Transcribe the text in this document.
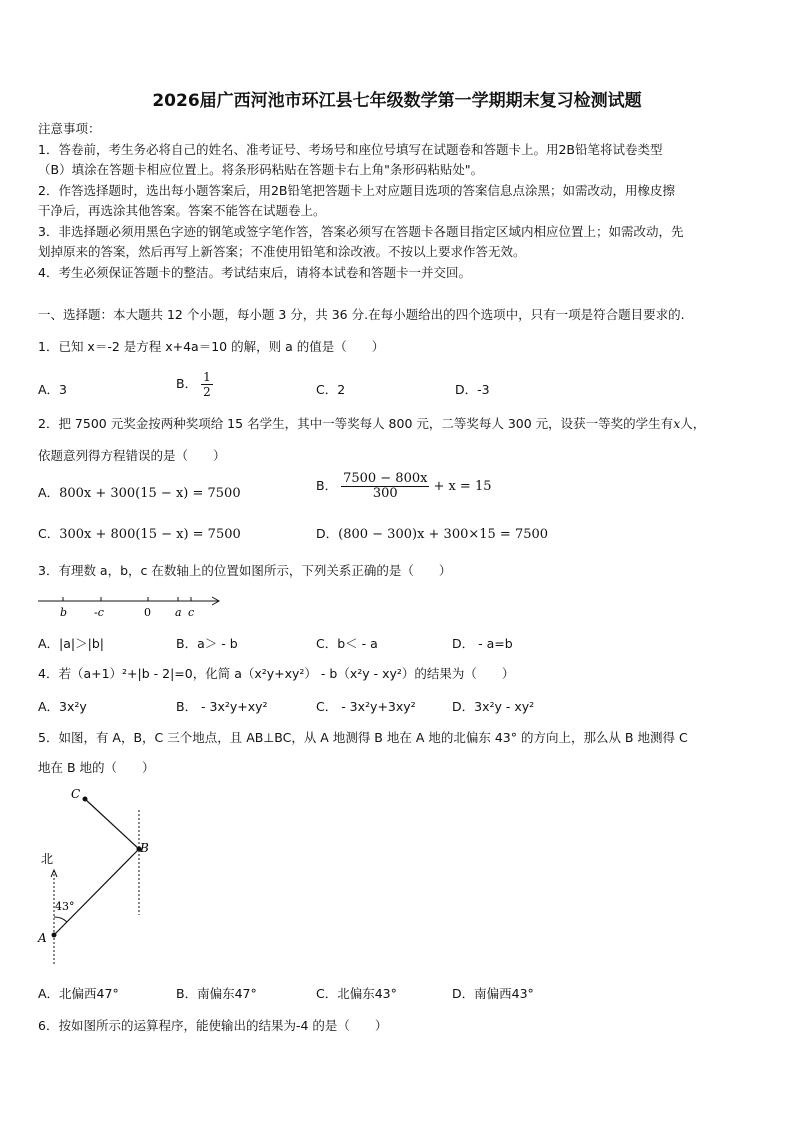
2026届广西河池市环江县七年级数学第一学期期末复习检测试题
注意事项：
1．答卷前，考生务必将自己的姓名、准考证号、考场号和座位号填写在试题卷和答题卡上。用2B铅笔将试卷类型
（B）填涂在答题卡相应位置上。将条形码粘贴在答题卡右上角"条形码粘贴处"。
2．作答选择题时，选出每小题答案后，用2B铅笔把答题卡上对应题目选项的答案信息点涂黑；如需改动，用橡皮擦
干净后，再选涂其他答案。答案不能答在试题卷上。
3．非选择题必须用黑色字迹的钢笔或签字笔作答，答案必须写在答题卡各题目指定区域内相应位置上；如需改动，先
划掉原来的答案，然后再写上新答案；不准使用铅笔和涂改液。不按以上要求作答无效。
4．考生必须保证答题卡的整洁。考试结束后，请将本试卷和答题卡一并交回。
一、选择题：本大题共 12 个小题，每小题 3 分，共 36 分.在每小题给出的四个选项中，只有一项是符合题目要求的.
1．已知 x＝-2 是方程 x+4a＝10 的解，则 a 的值是（　　）
A．3	B． $\frac{1}{2}$	C．2	D．-3
2．把 7500 元奖金按两种奖项给 15 名学生，其中一等奖每人 800 元，二等奖每人 300 元，设获一等奖的学生有x人，
依题意列得方程错误的是（　　）
A．800x + 300(15 − x) = 7500
B． $\frac{7500 - 800x}{300} + x = 15$
C．300x + 800(15 − x) = 7500	D．(800 − 300)x + 300×15 = 7500
3．有理数 a，b，c 在数轴上的位置如图所示，下列关系正确的是（　　）
b -c	0 a c
A．|a|＞|b|	B．a＞ - b	C．b＜ - a	D． - a=b
4．若（a+1）²+|b - 2|=0，化简 a（x²y+xy²） - b（x²y - xy²）的结果为（　　）
A．3x²y	B． - 3x²y+xy²	C． - 3x²y+3xy²	D．3x²y - xy²
5．如图，有 A，B，C 三个地点，且 AB⊥BC，从 A 地测得 B 地在 A 地的北偏东 43° 的方向上，那么从 B 地测得 C
地在 B 地的（　　）
C
B
A
北
43°
A．北偏西47°	B．南偏东47°	C．北偏东43°	D．南偏西43°
6．按如图所示的运算程序，能使输出的结果为-4 的是（　　）
